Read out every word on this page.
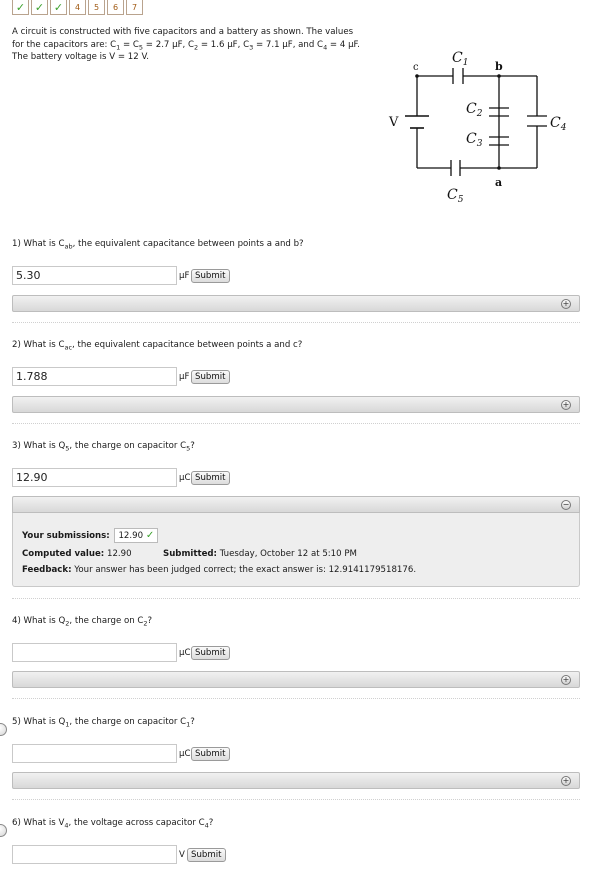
✓ ✓ ✓	4	5	6	7
A circuit is constructed with five capacitors and a battery as shown. The values
for the capacitors are: $C_1 = C_5 = 2.7$ μF, $C_2 = 1.6$ μF, $C_3 = 7.1$ μF, and $C_4 = 4$ μF.
The battery voltage is V = 12 V.
c	b
a
V
$C_1$
$C_2$
$C_3$
$C_4$
$C_5$
1) What is $C_{ab}$, the equivalent capacitance between points a and b?
5.30
μF Submit
+
2) What is $C_{ac}$, the equivalent capacitance between points a and c?
1.788
μF Submit
+
3) What is $Q_5$, the charge on capacitor $C_5$?
12.90
μC Submit
−
Your submissions: 12.90 ✓
Computed value: 12.90	Submitted: Tuesday, October 12 at 5:10 PM
Feedback: Your answer has been judged correct; the exact answer is: 12.9141179518176.
4) What is $Q_2$, the charge on $C_2$?
μC Submit
+
5) What is $Q_1$, the charge on capacitor $C_1$?
μC Submit
+
6) What is $V_4$, the voltage across capacitor $C_4$?
V Submit
